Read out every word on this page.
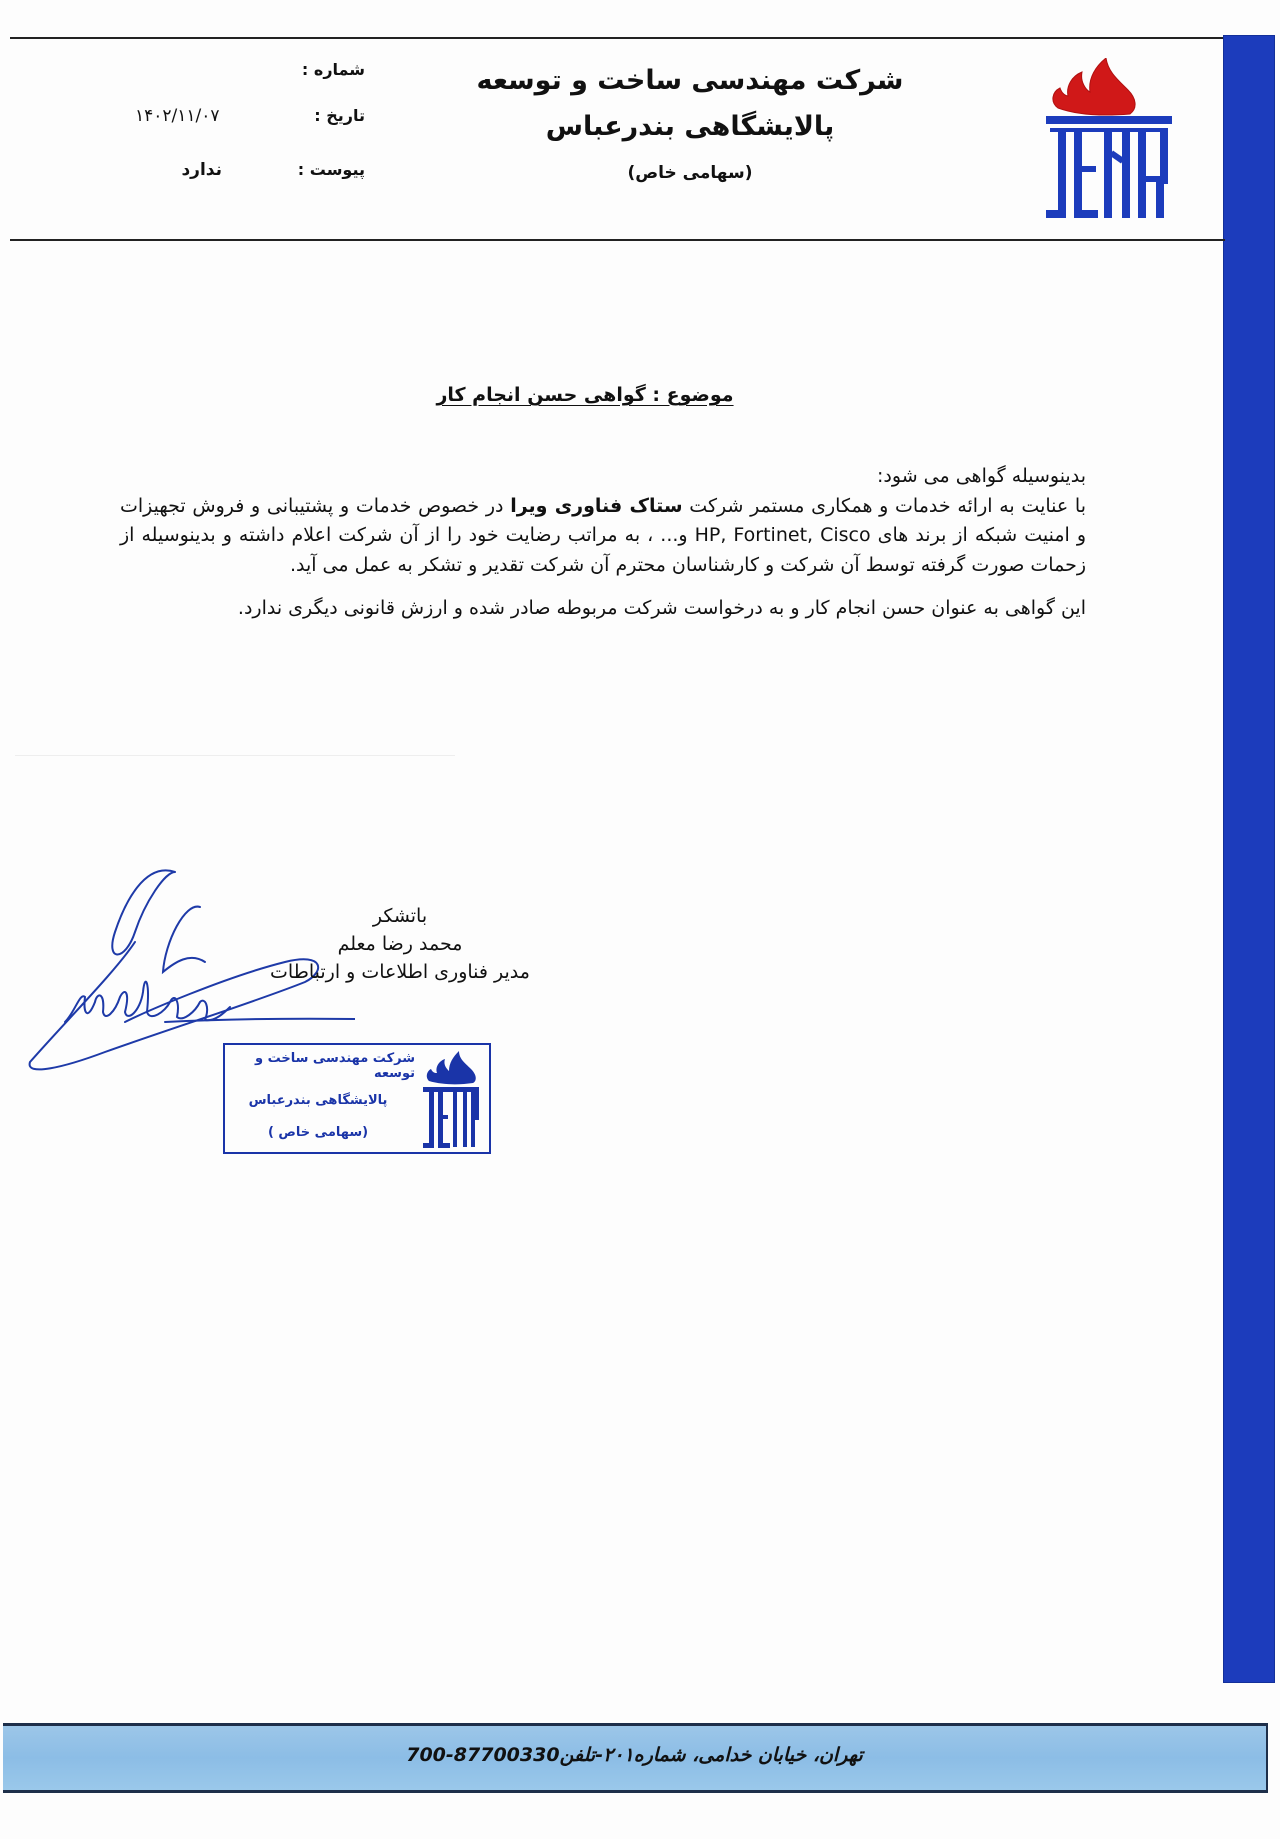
شرکت مهندسی ساخت و توسعه
پالایشگاهی بندرعباس
(سهامی خاص)
شماره :
تاریخ :
۱۴۰۲/۱۱/۰۷
پیوست :
ندارد
موضوع : گواهی حسن انجام کار

بدینوسیله گواهی می شود:

با عنایت به ارائه خدمات و همکاری مستمر شرکت ستاک فناوری ویرا در خصوص خدمات و پشتیبانی و فروش تجهیزات و امنیت شبکه از برند های HP, Fortinet, Cisco و... ، به مراتب رضایت خود را از آن شرکت اعلام داشته و بدینوسیله از زحمات صورت گرفته توسط آن شرکت و کارشناسان محترم آن شرکت تقدیر و تشکر به عمل می آید.

این گواهی به عنوان حسن انجام کار و به درخواست شرکت مربوطه صادر شده و ارزش قانونی دیگری ندارد.

باتشکر
محمد رضا معلم
مدیر فناوری اطلاعات و ارتباطات
شرکت مهندسی ساخت و توسعه
پالایشگاهی بندرعباس
(سهامی خاص )
تهران، خیابان خدامی، شماره۲۰۱-تلفن87700330-700
